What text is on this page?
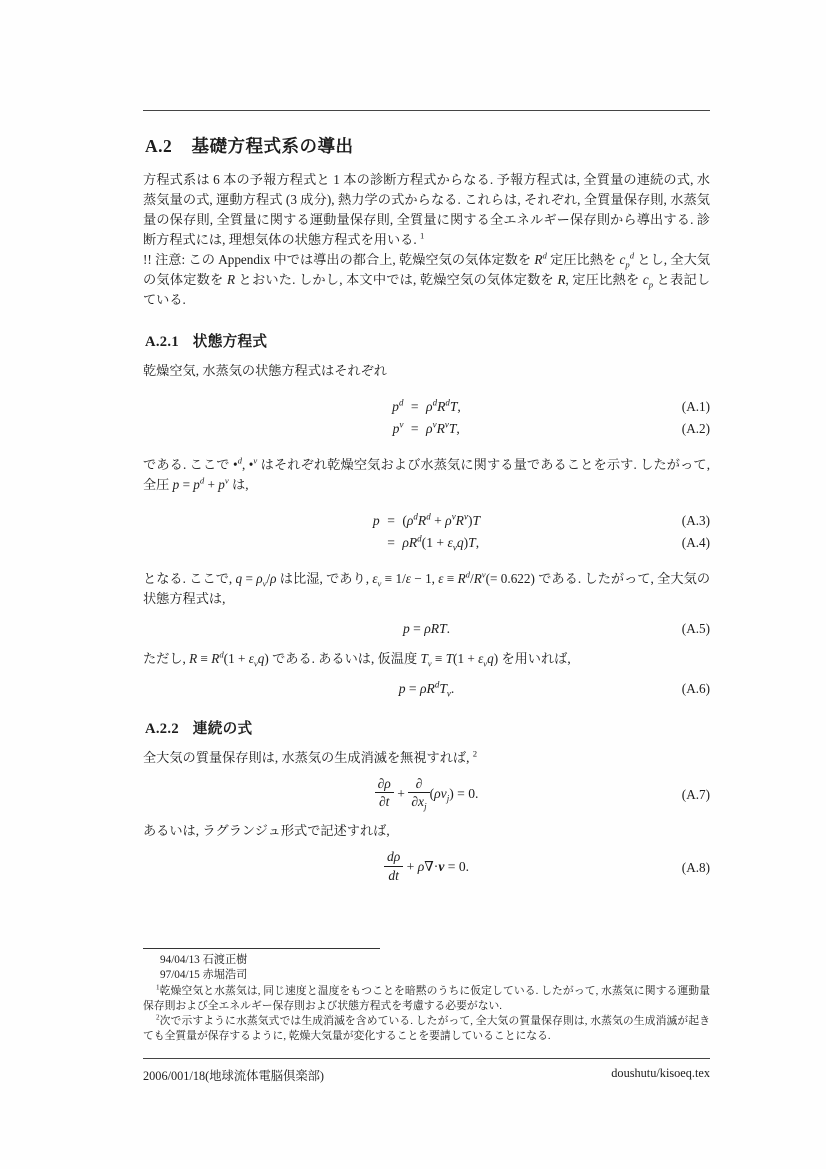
A.2 基礎方程式系の導出

方程式系は 6 本の予報方程式と 1 本の診断方程式からなる. 予報方程式は, 全質量の連続の式, 水蒸気量の式, 運動方程式 (3 成分), 熱力学の式からなる. これらは, それぞれ, 全質量保存則, 水蒸気量の保存則, 全質量に関する運動量保存則, 全質量に関する全エネルギー保存則から導出する. 診断方程式には, 理想気体の状態方程式を用いる. $^1$

!! 注意: この Appendix 中では導出の都合上, 乾燥空気の気体定数を $R^d$ 定圧比熱を $c_p^d$ とし, 全大気の気体定数を R とおいた. しかし, 本文中では, 乾燥空気の気体定数を R, 定圧比熱を $c_p$ と表記している.

A.2.1 状態方程式

乾燥空気, 水蒸気の状態方程式はそれぞれ

$p^d$	=	$\rho^dR^dT$,
$p^v$	=	$\rho^vR^vT$,
(A.1)
(A.2)

である. ここで •$^d$, •$^v$ はそれぞれ乾燥空気および水蒸気に関する量であることを示す. したがって, 全圧 $p = p^d + p^v$ は,

p	=	$(\rho^dR^d + \rho^vR^v)T$
	=	$\rho R^d(1 + \varepsilon_vq)T$,
(A.3)
(A.4)

となる. ここで, $q = \rho_v/\rho$ は比湿, であり, $\varepsilon_v \equiv 1/\varepsilon - 1$, $\varepsilon \equiv R^d/R^v(= 0.622)$ である. したがって, 全大気の状態方程式は,

p = ρRT.	(A.5)

ただし, $R \equiv R^d(1 + \varepsilon_vq)$ である. あるいは, 仮温度 $T_v \equiv T(1 + \varepsilon_vq)$ を用いれば,

$p = \rho R^dT_v$.	(A.6)
A.2.2 連続の式

全大気の質量保存則は, 水蒸気の生成消滅を無視すれば, $^2$

$\frac{\partial\rho}{\partial t} + \frac{\partial}{\partial x_j} (\rho v_j) = 0$.	(A.7)

あるいは, ラグランジュ形式で記述すれば,

$\frac{d\rho}{dt} + \rho\nabla\cdot v = 0$.	(A.8)
94/04/13 石渡正樹
97/04/15 赤堀浩司
$^1$乾燥空気と水蒸気は, 同じ速度と温度をもつことを暗黙のうちに仮定している. したがって, 水蒸気に関する運動量保存則および全エネルギー保存則および状態方程式を考慮する必要がない.
$^2$次で示すように水蒸気式では生成消滅を含めている. したがって, 全大気の質量保存則は, 水蒸気の生成消滅が起きても全質量が保存するように, 乾燥大気量が変化することを要請していることになる.
2006/001/18(地球流体電脳倶楽部)	doushutu/kisoeq.tex
